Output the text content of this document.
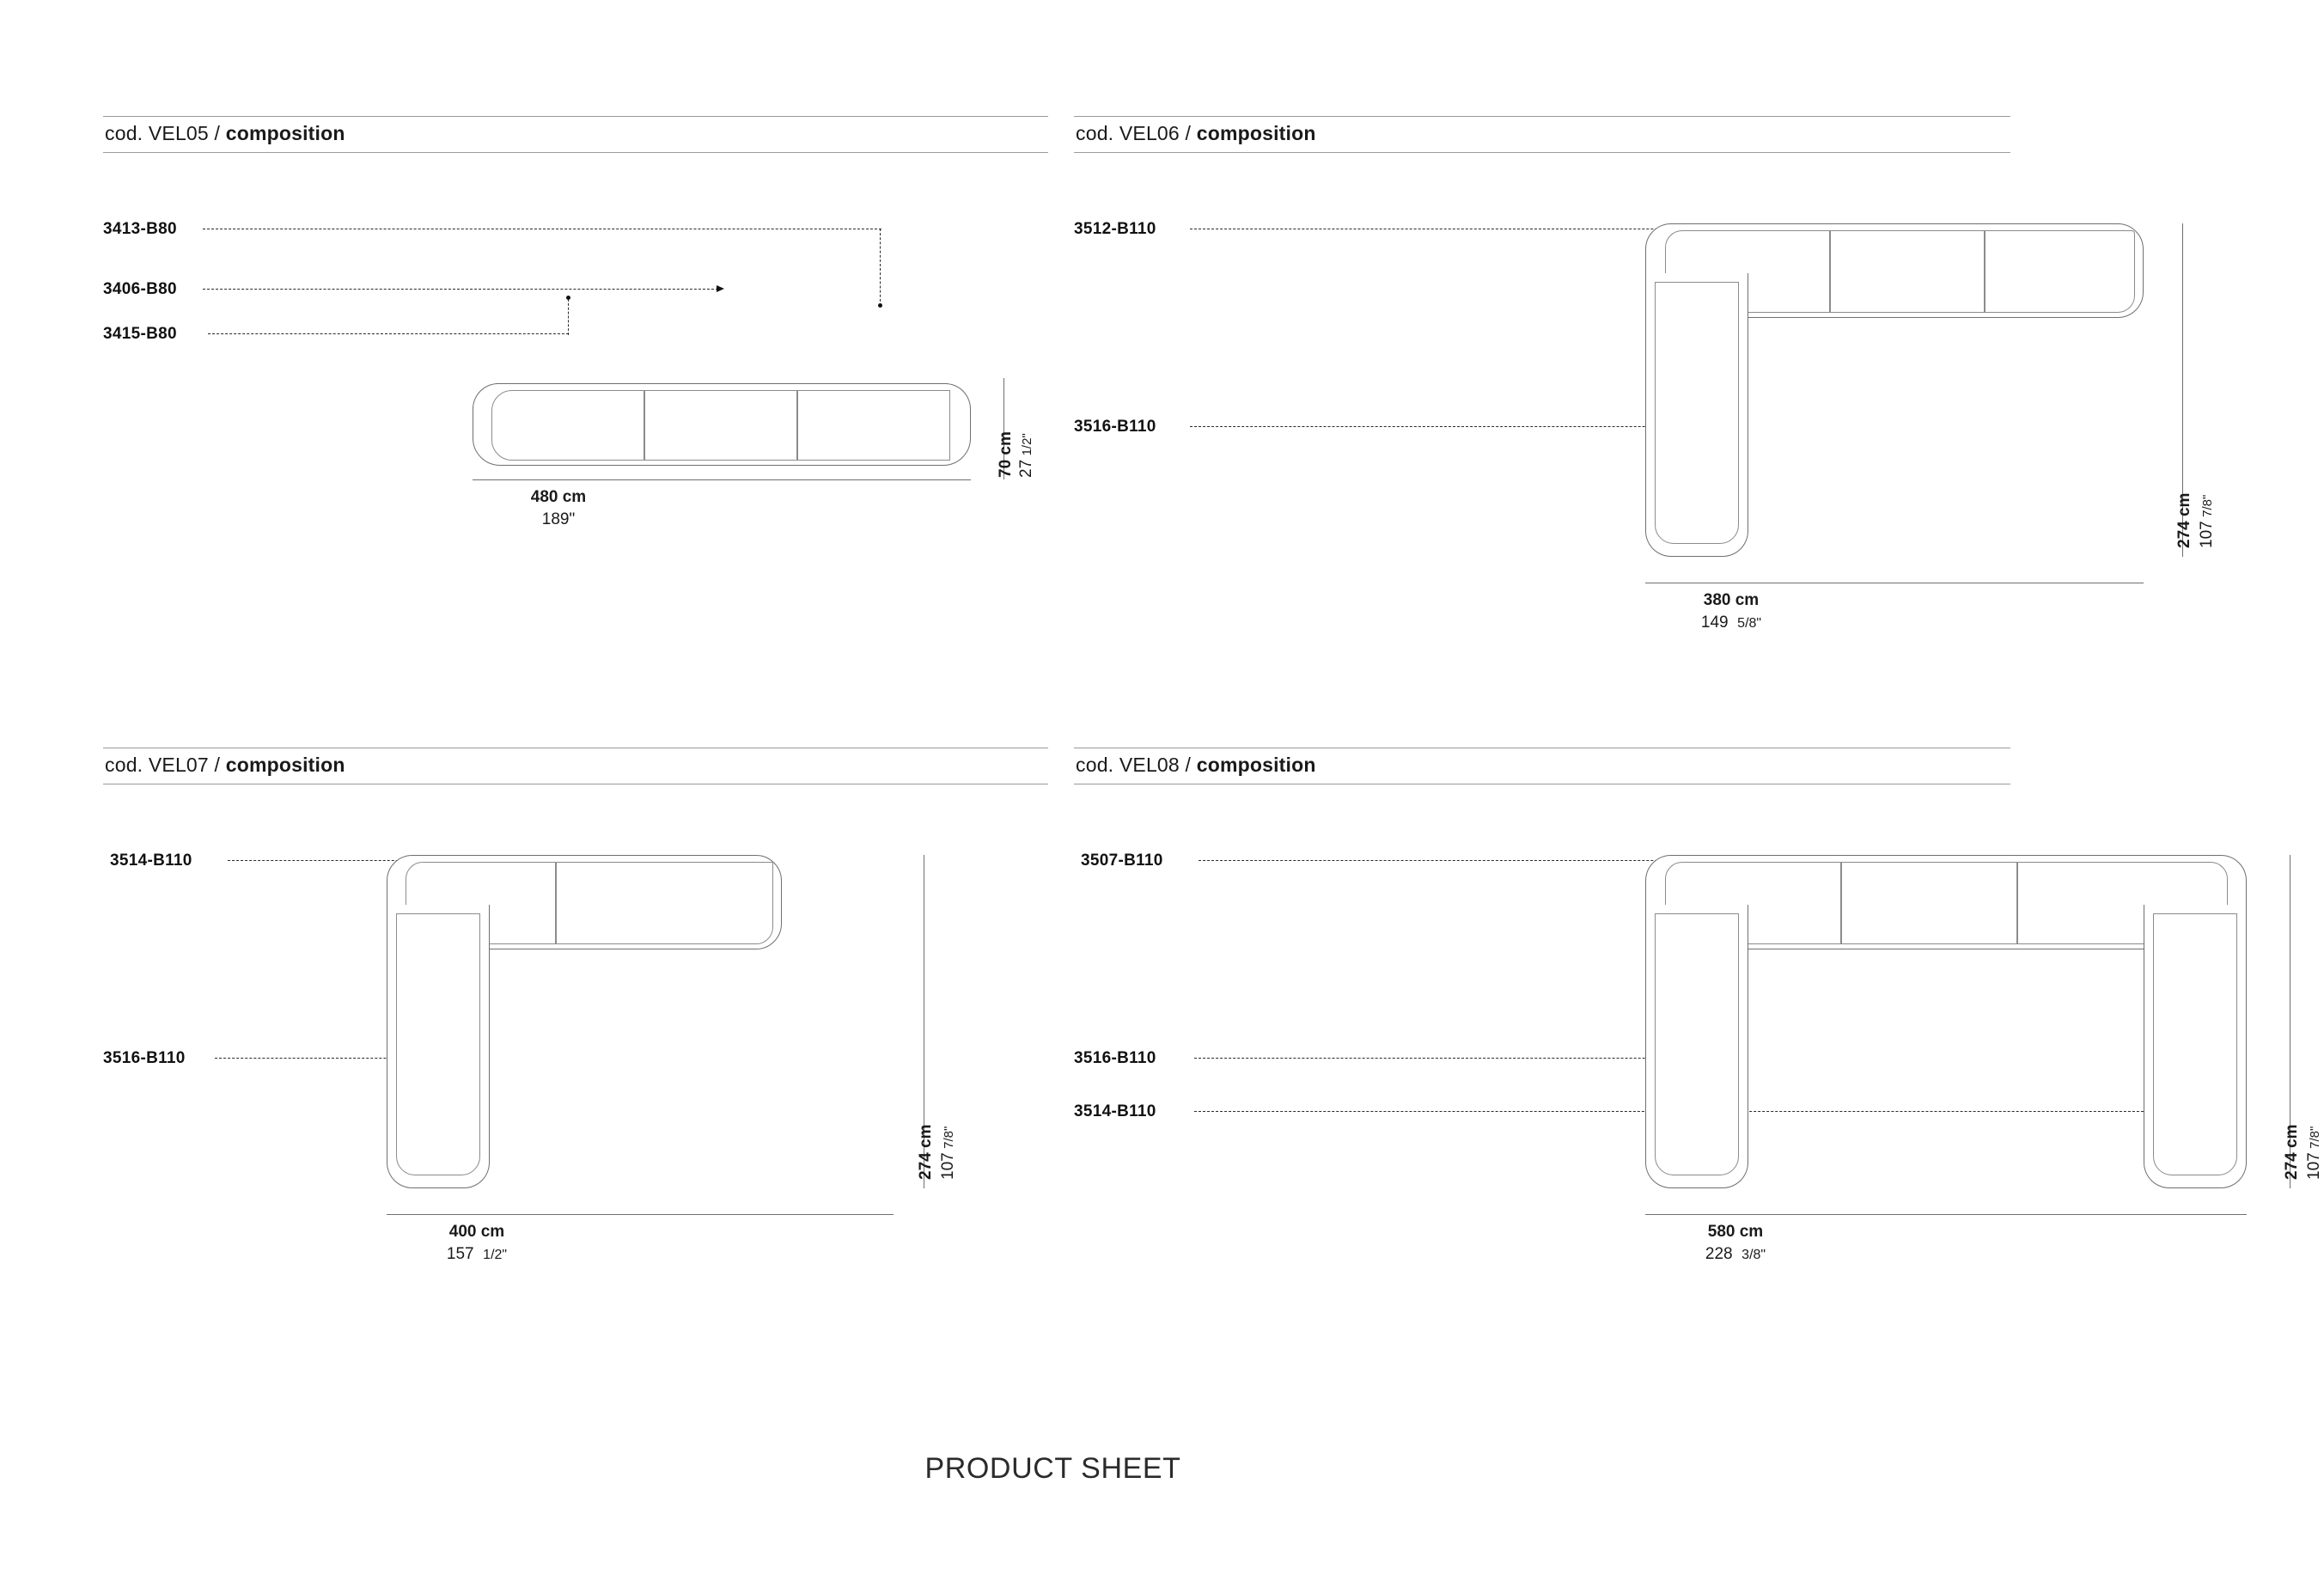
cod. VEL05 / composition
3413-B80
3406-B80
3415-B80
480 cm
189"
70 cm 27 1/2"
cod. VEL06 / composition
3512-B110
3516-B110
380 cm
149 5/8"
274 cm 107 7/8"
cod. VEL07 / composition
3514-B110
3516-B110
400 cm
157 1/2"
274 cm 107 7/8"
cod. VEL08 / composition
3507-B110
3516-B110
3514-B110
580 cm
228 3/8"
274 cm 107 7/8"
PRODUCT SHEET
